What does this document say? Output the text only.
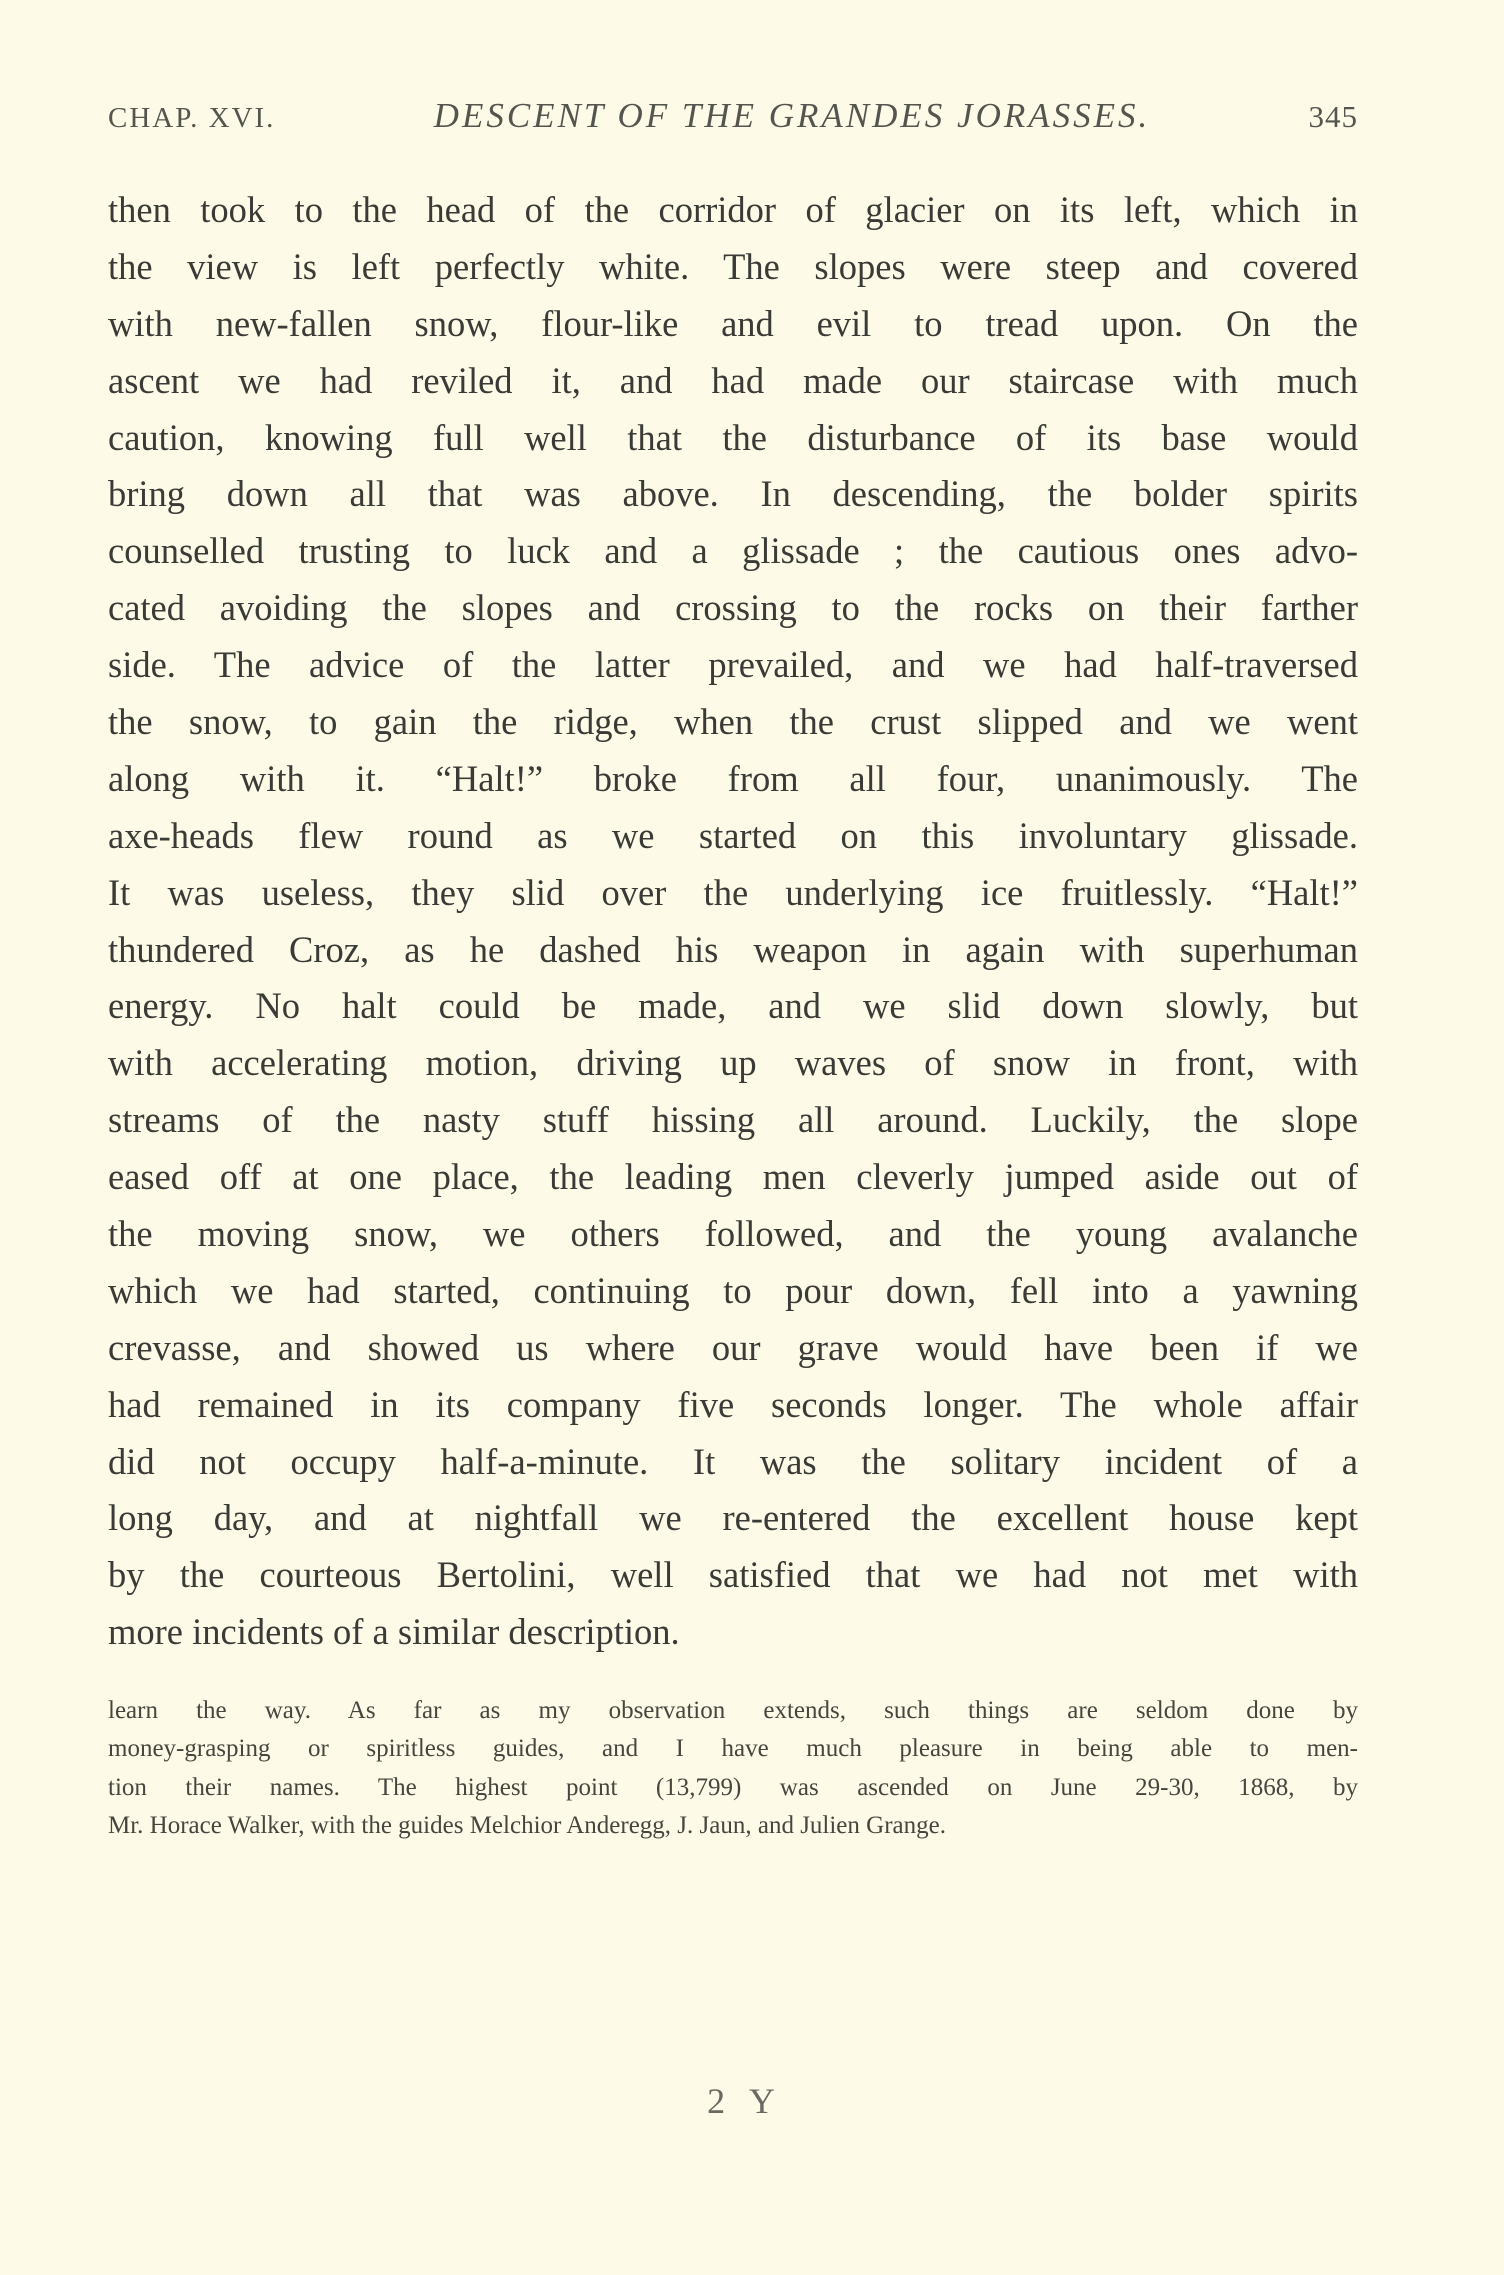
CHAP. XVI.	DESCENT OF THE GRANDES JORASSES.	345
then took to the head of the corridor of glacier on its left, which in
the view is left perfectly white. The slopes were steep and covered
with new-fallen snow, flour-like and evil to tread upon. On the
ascent we had reviled it, and had made our staircase with much
caution, knowing full well that the disturbance of its base would
bring down all that was above. In descending, the bolder spirits
counselled trusting to luck and a glissade ; the cautious ones advo-
cated avoiding the slopes and crossing to the rocks on their farther
side. The advice of the latter prevailed, and we had half-traversed
the snow, to gain the ridge, when the crust slipped and we went
along with it. “Halt!” broke from all four, unanimously. The
axe-heads flew round as we started on this involuntary glissade.
It was useless, they slid over the underlying ice fruitlessly. “Halt!”
thundered Croz, as he dashed his weapon in again with superhuman
energy. No halt could be made, and we slid down slowly, but
with accelerating motion, driving up waves of snow in front, with
streams of the nasty stuff hissing all around. Luckily, the slope
eased off at one place, the leading men cleverly jumped aside out of
the moving snow, we others followed, and the young avalanche
which we had started, continuing to pour down, fell into a yawning
crevasse, and showed us where our grave would have been if we
had remained in its company five seconds longer. The whole affair
did not occupy half-a-minute. It was the solitary incident of a
long day, and at nightfall we re-entered the excellent house kept
by the courteous Bertolini, well satisfied that we had not met with
more incidents of a similar description.
learn the way. As far as my observation extends, such things are seldom done by
money-grasping or spiritless guides, and I have much pleasure in being able to men-
tion their names. The highest point (13,799) was ascended on June 29-30, 1868, by
Mr. Horace Walker, with the guides Melchior Anderegg, J. Jaun, and Julien Grange.
2 Y
